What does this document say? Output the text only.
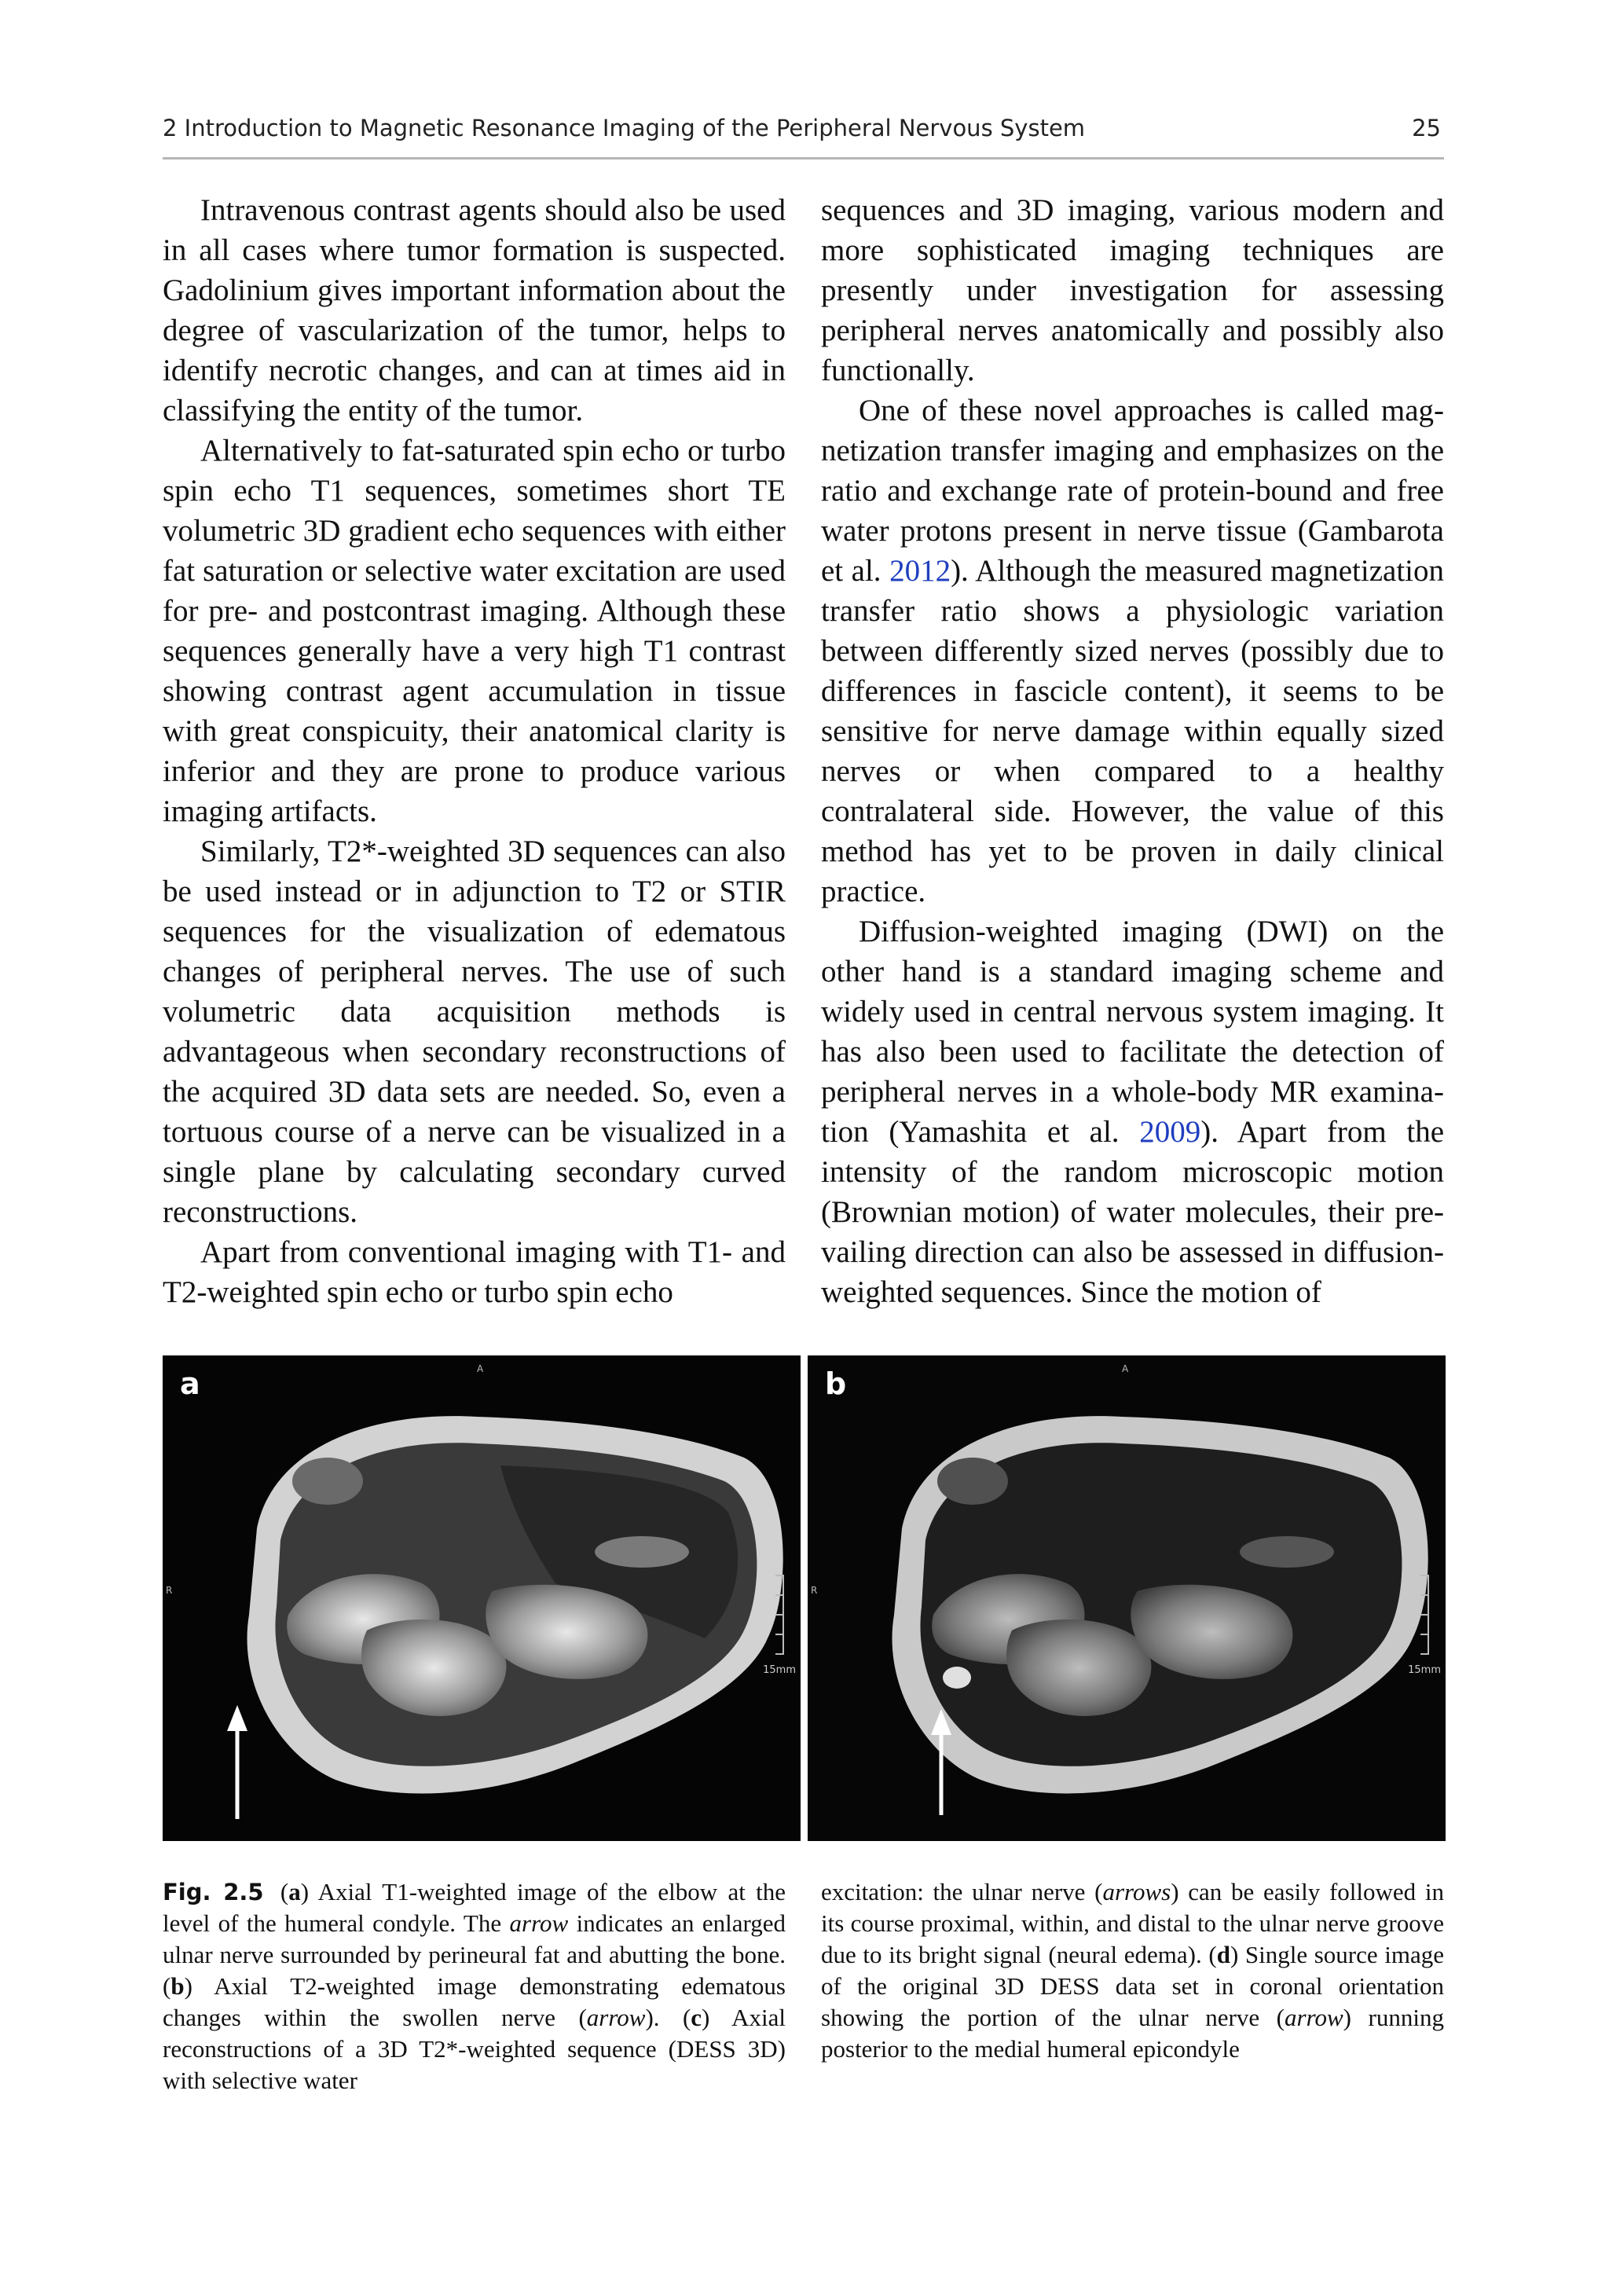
2 Introduction to Magnetic Resonance Imaging of the Peripheral Nervous System	25

Intravenous contrast agents should also be used in all cases where tumor formation is suspected. Gadolinium gives important information about the degree of vascularization of the tumor, helps to identify necrotic changes, and can at times aid in classifying the entity of the tumor.

Alternatively to fat-saturated spin echo or turbo spin echo T1 sequences, sometimes short TE volumetric 3D gradient echo sequences with either fat saturation or selective water excitation are used for pre- and postcontrast imaging. Although these sequences generally have a very high T1 contrast showing contrast agent accumulation in tissue with great conspicuity, their anatomical clarity is inferior and they are prone to produce various imaging artifacts.

Similarly, T2*-weighted 3D sequences can also be used instead or in adjunction to T2 or STIR sequences for the visualization of edematous changes of peripheral nerves. The use of such volumetric data acquisition methods is advantageous when secondary reconstructions of the acquired 3D data sets are needed. So, even a tortuous course of a nerve can be visualized in a single plane by calculating secondary curved reconstructions.

Apart from conventional imaging with T1- and T2-weighted spin echo or turbo spin echo

sequences and 3D imaging, various modern and more sophisticated imaging techniques are presently under investigation for assessing peripheral nerves anatomically and possibly also functionally.

One of these novel approaches is called magnetization transfer imaging and emphasizes on the ratio and exchange rate of protein-bound and free water protons present in nerve tissue (Gambarota et al. 2012). Although the measured magnetization transfer ratio shows a physiologic variation between differently sized nerves (possibly due to differences in fascicle content), it seems to be sensitive for nerve damage within equally sized nerves or when compared to a healthy contralateral side. However, the value of this method has yet to be proven in daily clinical practice.

Diffusion-weighted imaging (DWI) on the other hand is a standard imaging scheme and widely used in central nervous system imaging. It has also been used to facilitate the detection of peripheral nerves in a whole-body MR examination (Yamashita et al. 2009). Apart from the intensity of the random microscopic motion (Brownian motion) of water molecules, their prevailing direction can also be assessed in diffusion-weighted sequences. Since the motion of

a	A
R
15mm
b	A
R
15mm
Fig. 2.5 (a) Axial T1-weighted image of the elbow at the level of the humeral condyle. The arrow indicates an enlarged ulnar nerve surrounded by perineural fat and abutting the bone. (b) Axial T2-weighted image demonstrating edematous changes within the swollen nerve (arrow). (c) Axial reconstructions of a 3D T2*-weighted sequence (DESS 3D) with selective water
excitation: the ulnar nerve (arrows) can be easily followed in its course proximal, within, and distal to the ulnar nerve groove due to its bright signal (neural edema). (d) Single source image of the original 3D DESS data set in coronal orientation showing the portion of the ulnar nerve (arrow) running posterior to the medial humeral epicondyle
